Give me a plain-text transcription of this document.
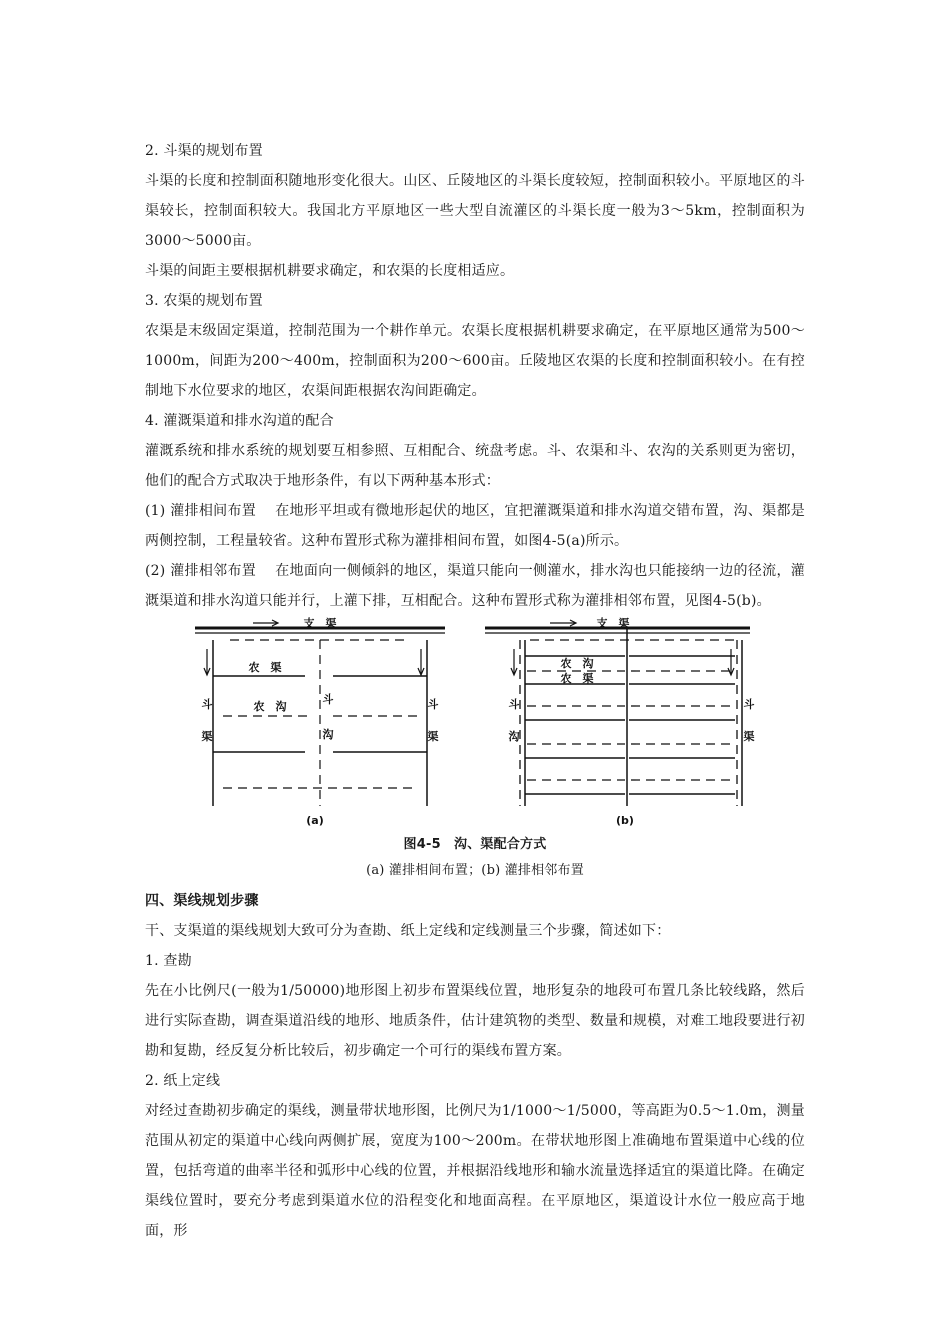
2. 斗渠的规划布置

斗渠的长度和控制面积随地形变化很大。山区、丘陵地区的斗渠长度较短，控制面积较小。平原地区的斗渠较长，控制面积较大。我国北方平原地区一些大型自流灌区的斗渠长度一般为3～5km，控制面积为3000～5000亩。

斗渠的间距主要根据机耕要求确定，和农渠的长度相适应。

3. 农渠的规划布置

农渠是末级固定渠道，控制范围为一个耕作单元。农渠长度根据机耕要求确定，在平原地区通常为500～1000m，间距为200～400m，控制面积为200～600亩。丘陵地区农渠的长度和控制面积较小。在有控制地下水位要求的地区，农渠间距根据农沟间距确定。

4. 灌溉渠道和排水沟道的配合

灌溉系统和排水系统的规划要互相参照、互相配合、统盘考虑。斗、农渠和斗、农沟的关系则更为密切，他们的配合方式取决于地形条件，有以下两种基本形式：

(1) 灌排相间布置　 在地形平坦或有微地形起伏的地区，宜把灌溉渠道和排水沟道交错布置，沟、渠都是两侧控制，工程量较省。这种布置形式称为灌排相间布置，如图4-5(a)所示。

(2) 灌排相邻布置　 在地面向一侧倾斜的地区，渠道只能向一侧灌水，排水沟也只能接纳一边的径流，灌溉渠道和排水沟道只能并行，上灌下排，互相配合。这种布置形式称为灌排相邻布置，见图4-5(b)。

支　渠
农　渠
农　沟
斗
渠
斗
沟
斗
渠
(a)
支　渠
农　沟
农　渠
斗
沟
斗
渠
(b)

图4-5　沟、渠配合方式

(a) 灌排相间布置；(b) 灌排相邻布置

四、渠线规划步骤

干、支渠道的渠线规划大致可分为查勘、纸上定线和定线测量三个步骤，简述如下：

1. 查勘

先在小比例尺(一般为1/50000)地形图上初步布置渠线位置，地形复杂的地段可布置几条比较线路，然后进行实际查勘，调查渠道沿线的地形、地质条件，估计建筑物的类型、数量和规模，对难工地段要进行初勘和复勘，经反复分析比较后，初步确定一个可行的渠线布置方案。

2. 纸上定线

对经过查勘初步确定的渠线，测量带状地形图，比例尺为1/1000～1/5000，等高距为0.5～1.0m，测量范围从初定的渠道中心线向两侧扩展，宽度为100～200m。在带状地形图上准确地布置渠道中心线的位置，包括弯道的曲率半径和弧形中心线的位置，并根据沿线地形和输水流量选择适宜的渠道比降。在确定渠线位置时，要充分考虑到渠道水位的沿程变化和地面高程。在平原地区，渠道设计水位一般应高于地面，形
